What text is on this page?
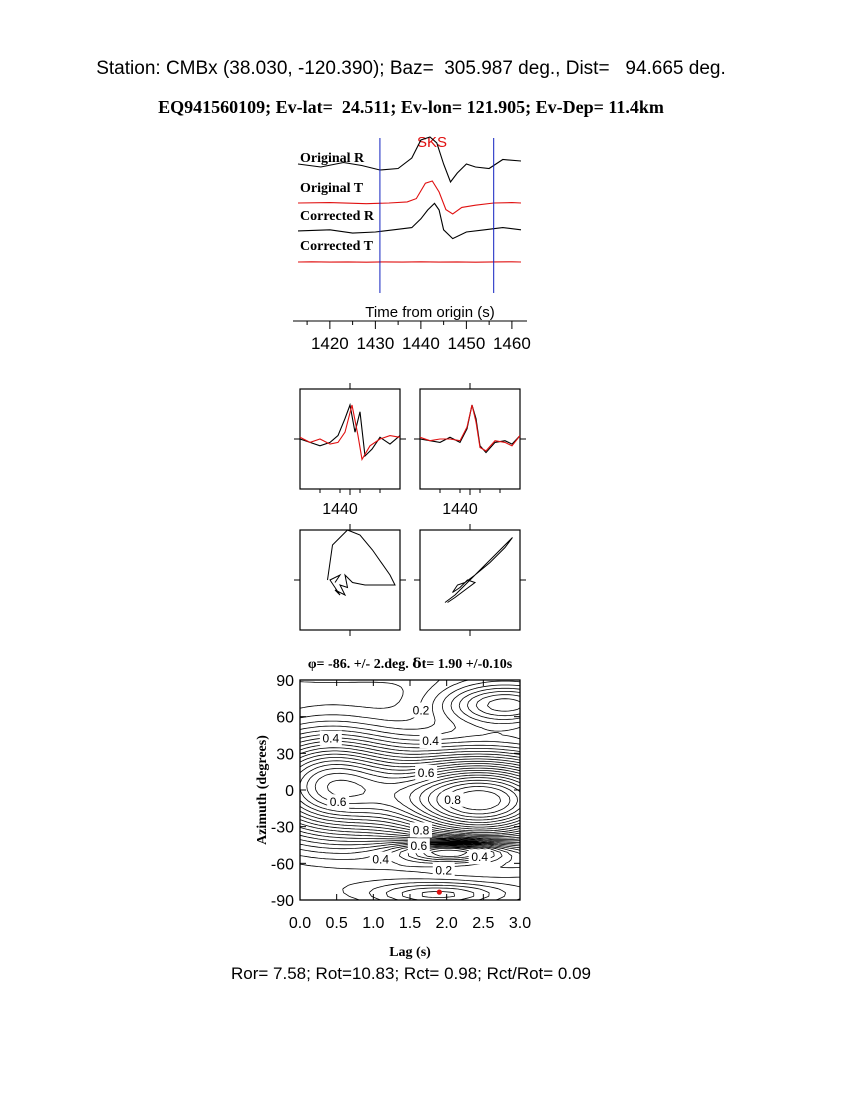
Station: CMBx (38.030, -120.390); Baz=  305.987 deg., Dist=   94.665 deg.
EQ941560109; Ev-lat=  24.511; Ev-lon= 121.905; Ev-Dep= 11.4km
SKS
Original R
Original T
Corrected R
Corrected T
Time from origin (s)
1420 1430 1440 1450 1460
1440	1440
φ= -86. +/- 2.deg. δt= 1.90 +/-0.10s
Lag (s)
Azimuth (degrees)
0.2
0.4	0.4
0.6
0.6	0.8
0.8
0.6
0.4	0.4
0.2
0.0 0.5 1.0 1.5 2.0 2.5 3.0
90
60
30
0
-30
-60
-90
Ror= 7.58; Rot=10.83; Rct= 0.98; Rct/Rot= 0.09
